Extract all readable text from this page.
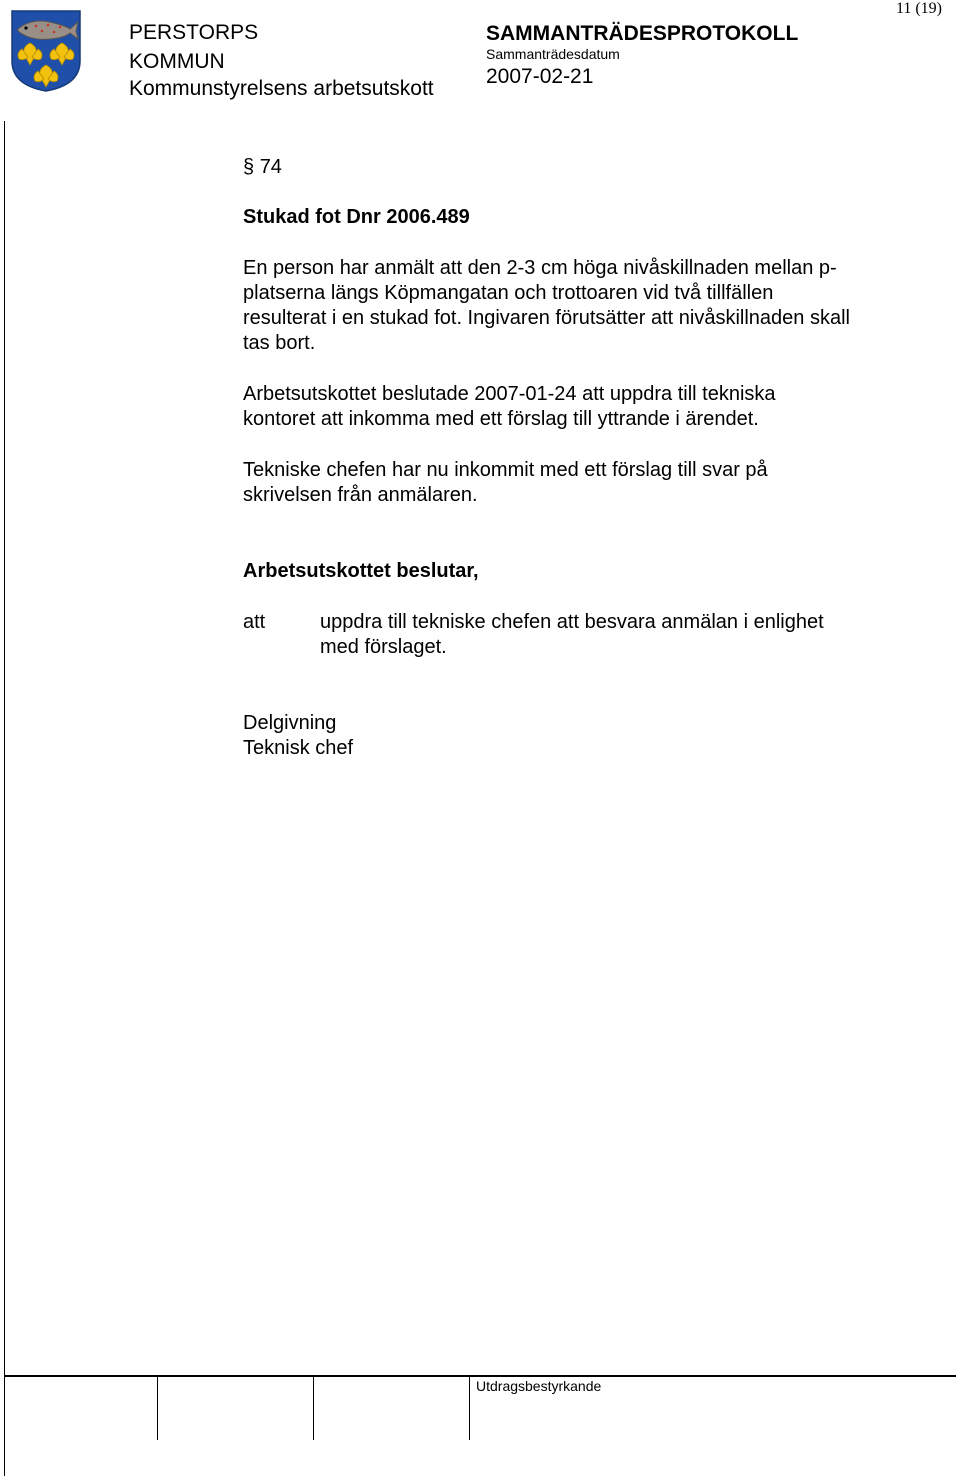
PERSTORPS
KOMMUN
Kommunstyrelsens arbetsutskott
SAMMANTRÄDESPROTOKOLL
Sammanträdesdatum
2007-02-21
11 (19)
§ 74
Stukad fot Dnr 2006.489
En person har anmält att den 2-3 cm höga nivåskillnaden mellan p-platserna längs Köpmangatan och trottoaren vid två tillfällen resulterat i en stukad fot. Ingivaren förutsätter att nivåskillnaden skall tas bort.
Arbetsutskottet beslutade 2007-01-24 att uppdra till tekniska kontoret att inkomma med ett förslag till yttrande i ärendet.
Tekniske chefen har nu inkommit med ett förslag till svar på skrivelsen från anmälaren.
Arbetsutskottet beslutar,
att	uppdra till tekniske chefen att besvara anmälan i enlighet med förslaget.
Delgivning
Teknisk chef
Utdragsbestyrkande
